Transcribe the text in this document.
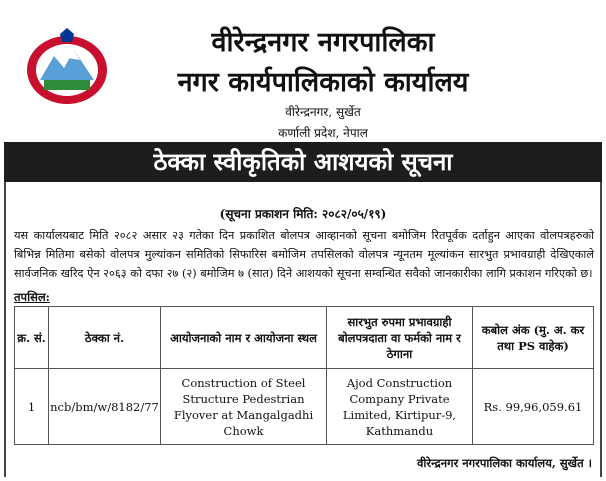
वीरेन्द्रनगर नगरपालिका
नगर कार्यपालिकाको कार्यालय
वीरेन्द्रनगर, सुर्खेत
कर्णाली प्रदेश, नेपाल
ठेक्का स्वीकृतिको आशयको सूचना
(सूचना प्रकाशन मिति: २०८२/०५/१९)
यस कार्यालयबाट मिति २०८२ असार २३ गतेका दिन प्रकाशित बोलपत्र आव्हानको सूचना बमोजिम रितपूर्वक दर्ताहुन आएका वोलपत्रहरुको बिभिन्न मितिमा बसेको वोलपत्र मुल्यांकन समितिको सिफारिस बमोजिम तपसिलको वोलपत्र न्यूनतम मूल्यांकन सारभुत प्रभावग्राही देखिएकाले सार्वजनिक खरिद ऐन २०६३ को दफा २७ (२) बमोजिम ७ (सात) दिने आशयको सूचना सम्वन्धित सवैको जानकारीका लागि प्रकाशन गरिएको छ।
तपसिल:
क्र. सं.	ठेक्का नं.	आयोजनाको नाम र आयोजना स्थल	सारभुत रुपमा प्रभावग्राही बोलपत्रदाता वा फर्मको नाम र ठेगाना	कबोल अंक (मु. अ. कर तथा PS वाहेक)
1	ncb/bm/w/8182/77	Construction of Steel Structure Pedestrian Flyover at Mangalgadhi Chowk	Ajod Construction Company Private Limited, Kirtipur-9, Kathmandu	Rs. 99,96,059.61
वीरेन्द्रनगर नगरपालिका कार्यालय, सुर्खेत ।
